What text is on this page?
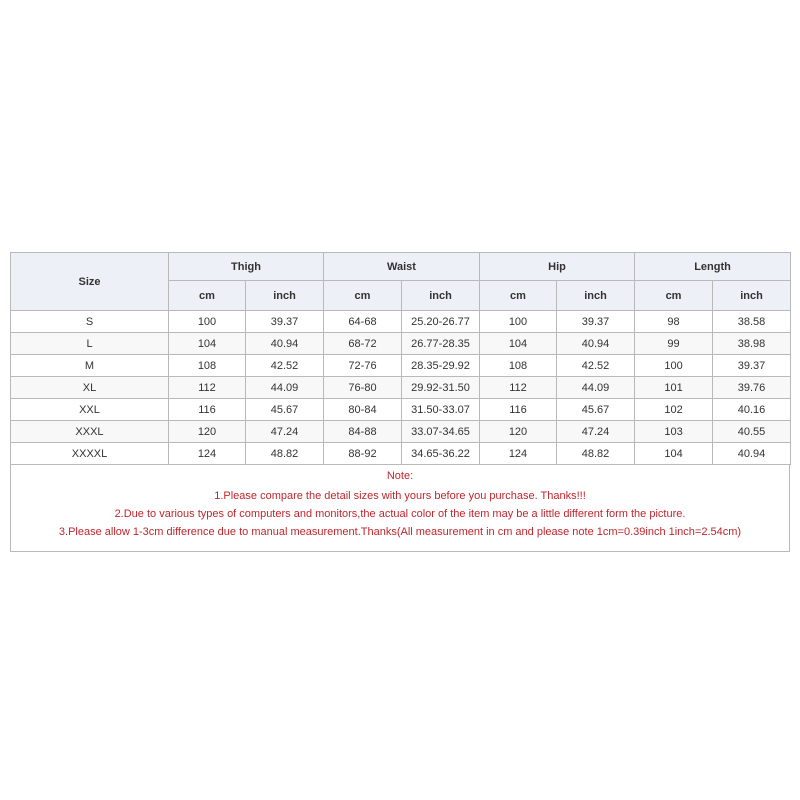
Size	Thigh		Waist		Hip		Length	
	cm	inch	cm	inch	cm	inch	cm	inch
S	100	39.37	64-68	25.20-26.77	100	39.37	98	38.58
L	104	40.94	68-72	26.77-28.35	104	40.94	99	38.98
M	108	42.52	72-76	28.35-29.92	108	42.52	100	39.37
XL	112	44.09	76-80	29.92-31.50	112	44.09	101	39.76
XXL	116	45.67	80-84	31.50-33.07	116	45.67	102	40.16
XXXL	120	47.24	84-88	33.07-34.65	120	47.24	103	40.55
XXXXL	124	48.82	88-92	34.65-36.22	124	48.82	104	40.94
Note:
1.Please compare the detail sizes with yours before you purchase. Thanks!!!
2.Due to various types of computers and monitors,the actual color of the item may be a little different form the picture.
3.Please allow 1-3cm difference due to manual measurement.Thanks(All measurement in cm and please note 1cm=0.39inch 1inch=2.54cm)
